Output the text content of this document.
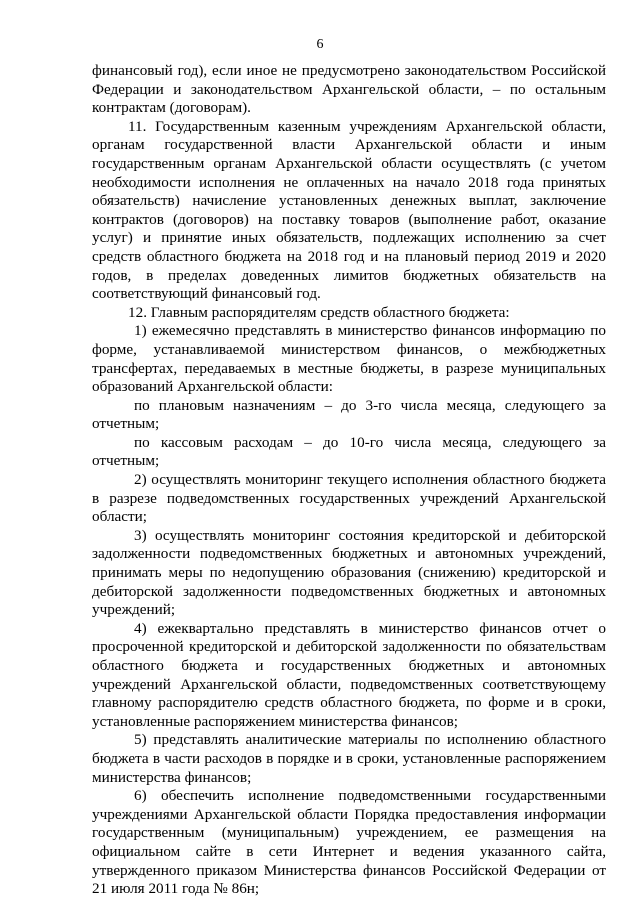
6

финансовый год), если иное не предусмотрено законодательством Российской Федерации и законодательством Архангельской области, – по остальным контрактам (договорам).

11. Государственным казенным учреждениям Архангельской области, органам государственной власти Архангельской области и иным государственным органам Архангельской области осуществлять (с учетом необходимости исполнения не оплаченных на начало 2018 года принятых обязательств) начисление установленных денежных выплат, заключение контрактов (договоров) на поставку товаров (выполнение работ, оказание услуг) и принятие иных обязательств, подлежащих исполнению за счет средств областного бюджета на 2018 год и на плановый период 2019 и 2020 годов, в пределах доведенных лимитов бюджетных обязательств на соответствующий финансовый год.

12. Главным распорядителям средств областного бюджета:

1) ежемесячно представлять в министерство финансов информацию по форме, устанавливаемой министерством финансов, о межбюджетных трансфертах, передаваемых в местные бюджеты, в разрезе муниципальных образований Архангельской области:

по плановым назначениям – до 3-го числа месяца, следующего за отчетным;

по кассовым расходам – до 10-го числа месяца, следующего за отчетным;

2) осуществлять мониторинг текущего исполнения областного бюджета в разрезе подведомственных государственных учреждений Архангельской области;

3) осуществлять мониторинг состояния кредиторской и дебиторской задолженности подведомственных бюджетных и автономных учреждений, принимать меры по недопущению образования (снижению) кредиторской и дебиторской задолженности подведомственных бюджетных и автономных учреждений;

4) ежеквартально представлять в министерство финансов отчет о просроченной кредиторской и дебиторской задолженности по обязательствам областного бюджета и государственных бюджетных и автономных учреждений Архангельской области, подведомственных соответствующему главному распорядителю средств областного бюджета, по форме и в сроки, установленные распоряжением министерства финансов;

5) представлять аналитические материалы по исполнению областного бюджета в части расходов в порядке и в сроки, установленные распоряжением министерства финансов;

6) обеспечить исполнение подведомственными государственными учреждениями Архангельской области Порядка предоставления информации государственным (муниципальным) учреждением, ее размещения на официальном сайте в сети Интернет и ведения указанного сайта, утвержденного приказом Министерства финансов Российской Федерации от 21 июля 2011 года № 86н;
